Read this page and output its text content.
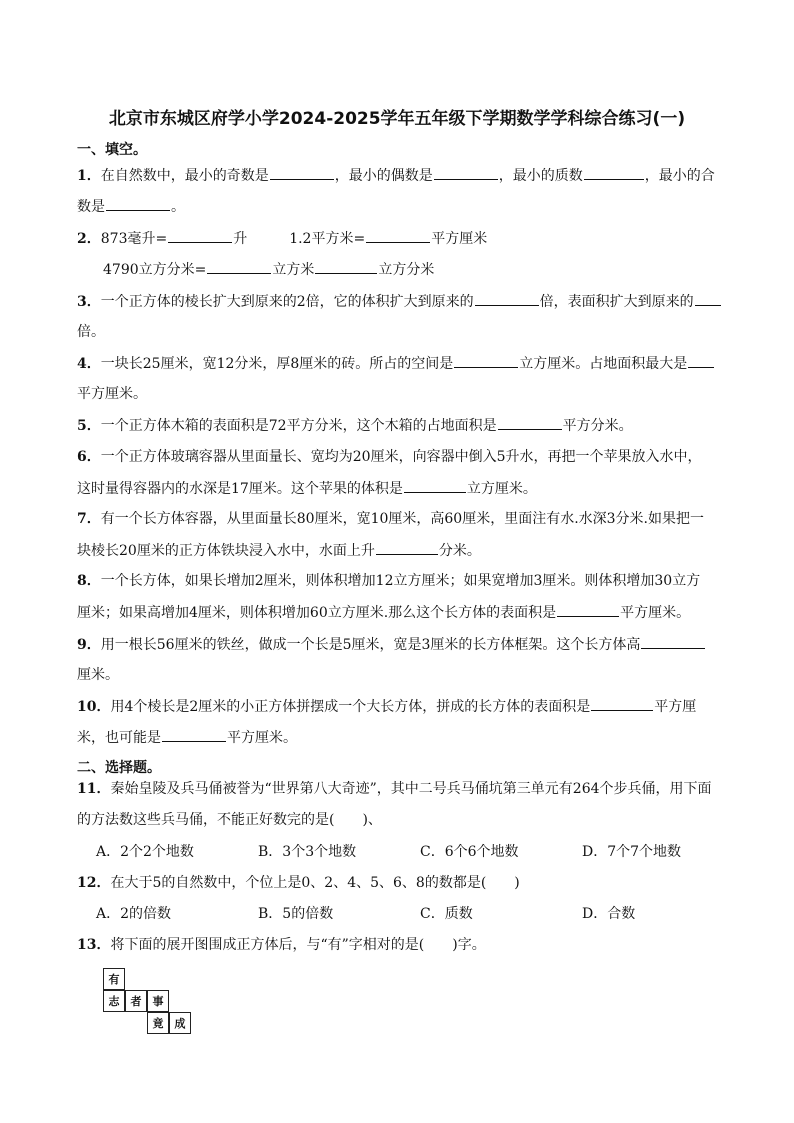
北京市东城区府学小学2024-2025学年五年级下学期数学学科综合练习(一)
一、填空。
1．在自然数中，最小的奇数是	，最小的偶数是	，最小的质数	，最小的合
数是	。
2．873毫升=	升	1.2平方米=	平方厘米
4790立方分米=	立方米	立方分米
3．一个正方体的棱长扩大到原来的2倍，它的体积扩大到原来的	倍，表面积扩大到原来的
倍。
4．一块长25厘米，宽12分米，厚8厘米的砖。所占的空间是	立方厘米。占地面积最大是
平方厘米。
5．一个正方体木箱的表面积是72平方分米，这个木箱的占地面积是	平方分米。
6．一个正方体玻璃容器从里面量长、宽均为20厘米，向容器中倒入5升水，再把一个苹果放入水中，
这时量得容器内的水深是17厘米。这个苹果的体积是	立方厘米。
7．有一个长方体容器，从里面量长80厘米，宽10厘米，高60厘米，里面注有水.水深3分米.如果把一
块棱长20厘米的正方体铁块浸入水中，水面上升	分米。
8．一个长方体，如果长增加2厘米，则体积增加12立方厘米；如果宽增加3厘米。则体积增加30立方
厘米；如果高增加4厘米，则体积增加60立方厘米.那么这个长方体的表面积是	平方厘米。
9．用一根长56厘米的铁丝，做成一个长是5厘米，宽是3厘米的长方体框架。这个长方体高
厘米。
10．用4个棱长是2厘米的小正方体拼摆成一个大长方体，拼成的长方体的表面积是	平方厘
米，也可能是	平方厘米。
二、选择题。
11．秦始皇陵及兵马俑被誉为“世界第八大奇迹”，其中二号兵马俑坑第三单元有264个步兵俑，用下面
的方法数这些兵马俑，不能正好数完的是(　　)、
A．2个2个地数	B．3个3个地数	C．6个6个地数	D．7个7个地数
12．在大于5的自然数中，个位上是0、2、4、5、6、8的数都是(　　)
A．2的倍数	B．5的倍数	C．质数	D．合数
13．将下面的展开图围成正方体后，与“有”字相对的是(　　)字。
有
志	者	事
竟	成
